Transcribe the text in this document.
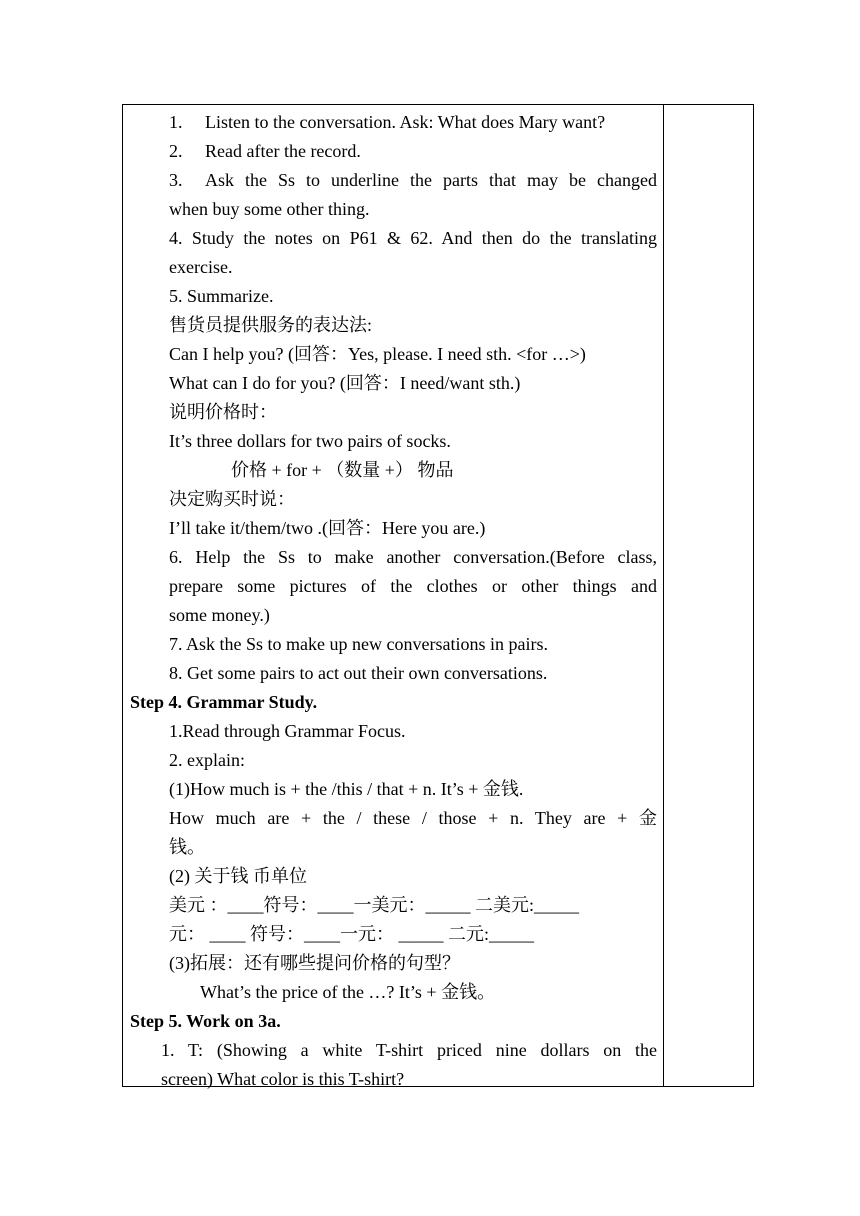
1. Listen to the conversation. Ask: What does Mary want?
2. Read after the record.
3. Ask the Ss to underline the parts that may be changed
when buy some other thing.
4. Study the notes on P61 & 62. And then do the translating
exercise.
5. Summarize.
售货员提供服务的表达法:
Can I help you? (回答：Yes, please. I need sth. <for …>)
What can I do for you? (回答：I need/want sth.)
说明价格时：
It’s three dollars for two pairs of socks.
价格 + for + （数量 +） 物品
决定购买时说：
I’ll take it/them/two .(回答：Here you are.)
6. Help the Ss to make another conversation.(Before class,
prepare some pictures of the clothes or other things and
some money.)
7. Ask the Ss to make up new conversations in pairs.
8. Get some pairs to act out their own conversations.
Step 4. Grammar Study.
1.Read through Grammar Focus.
2. explain:
(1)How much is + the /this / that + n. It’s + 金钱.
How much are + the / these / those + n. They are + 金
钱。
(2) 关于钱 币单位
美元 ：____符号：____一美元：_____ 二美元:_____
元： ____ 符号：____一元： _____ 二元:_____
(3)拓展：还有哪些提问价格的句型？
What’s the price of the …? It’s + 金钱。
Step 5. Work on 3a.
1. T: (Showing a white T-shirt priced nine dollars on the
screen) What color is this T-shirt?
